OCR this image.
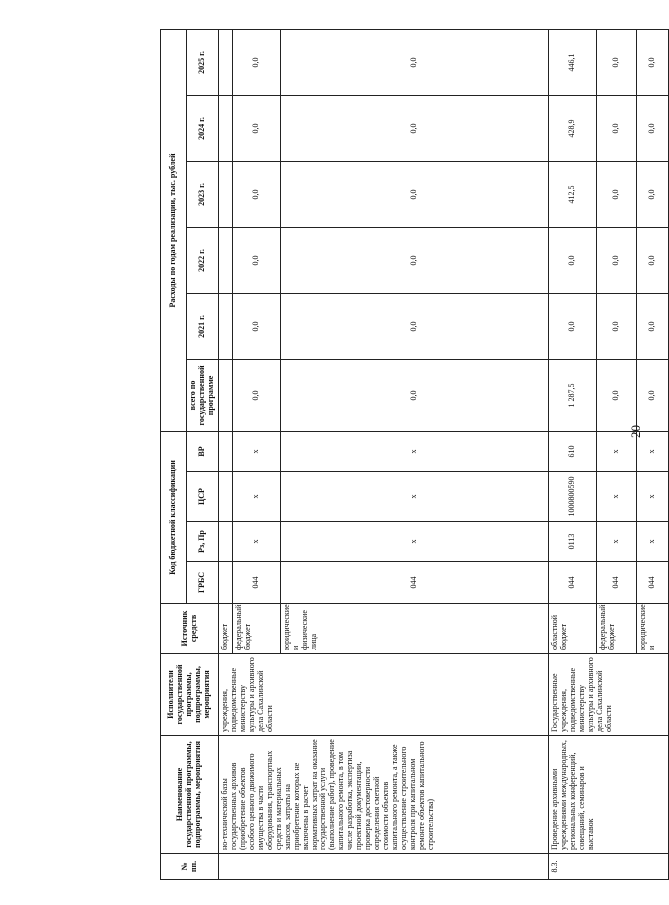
20
№ пп.	Наименование государственной программы, подпрограммы, мероприятия	Исполнители государственной программы, подпрограммы, мероприятия	Источник средств	Код бюджетной классификации				Расходы по годам реализации, тыс. рублей					
				ГРБС	Рз, Пр	ЦСР	ВР	всего по государственной программе	2021 г.	2022 г.	2023 г.	2024 г.	2025 г.
	но-технической базы государственных архивов (приобретение объектов особого ценного движимого имущества в части оборудования, транспортных средств и материальных запасов, затраты на приобретение которых не включены в расчет нормативных затрат на оказание государственной услуги (выполнение работ), проведение капитального ремонта, в том числе разработка, экспертиза проектной документации, проверка достоверности определения сметной стоимости объектов капитального ремонта, а также осуществление строительного контроля при капитальном ремонте объектов капитального строительства)	учреждения, подведомственные министерству культуры и архивного дела Сахалинской области	бюджет										
			федеральный бюджет	044	х	х	х	0,0	0,0	0,0	0,0	0,0	0,0
			юридические и физические лица	044	х	х	х	0,0	0,0	0,0	0,0	0,0	0,0
8.3.	Проведение архивными учреждениями международных, региональных конференций, совещаний, семинаров и выставок	Государственные учреждения, подведомственные министерству культуры и архивного дела Сахалинской области	областной бюджет	044	0113	1000800590	610	1 287,5	0,0	0,0	412,5	428,9	446,1
			федеральный бюджет	044	х	х	х	0,0	0,0	0,0	0,0	0,0	0,0
			юридические и	044	х	х	х	0,0	0,0	0,0	0,0	0,0	0,0
